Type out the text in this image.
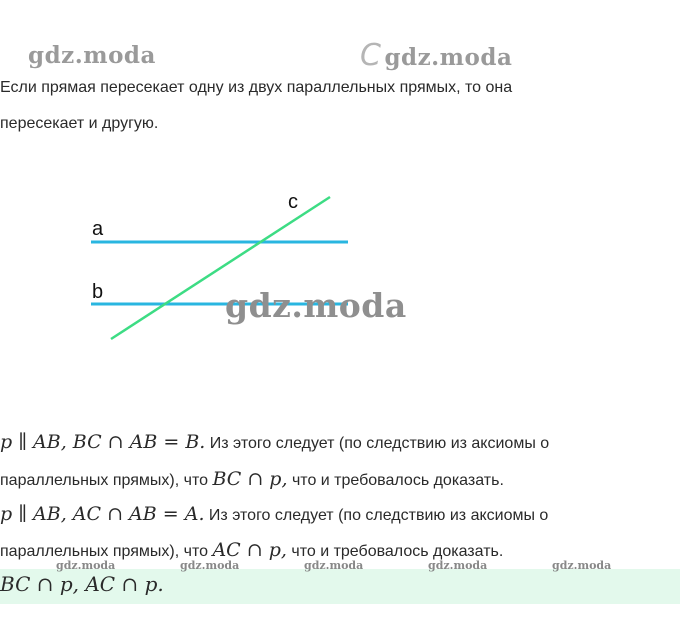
gdz.moda	C gdz.moda
Если прямая пересекает одну из двух параллельных прямых, то она
пересекает и другую.
a
b
c
gdz.moda
p ∥ AB, BC ∩ AB = B. Из этого следует (по следствию из аксиомы о
параллельных прямых), что BC ∩ p, что и требовалось доказать.
p ∥ AB, AC ∩ AB = A. Из этого следует (по следствию из аксиомы о
параллельных прямых), что AC ∩ p, что и требовалось доказать.
BC ∩ p, AC ∩ p.
gdz.moda	gdz.moda	gdz.moda	gdz.moda	gdz.moda
